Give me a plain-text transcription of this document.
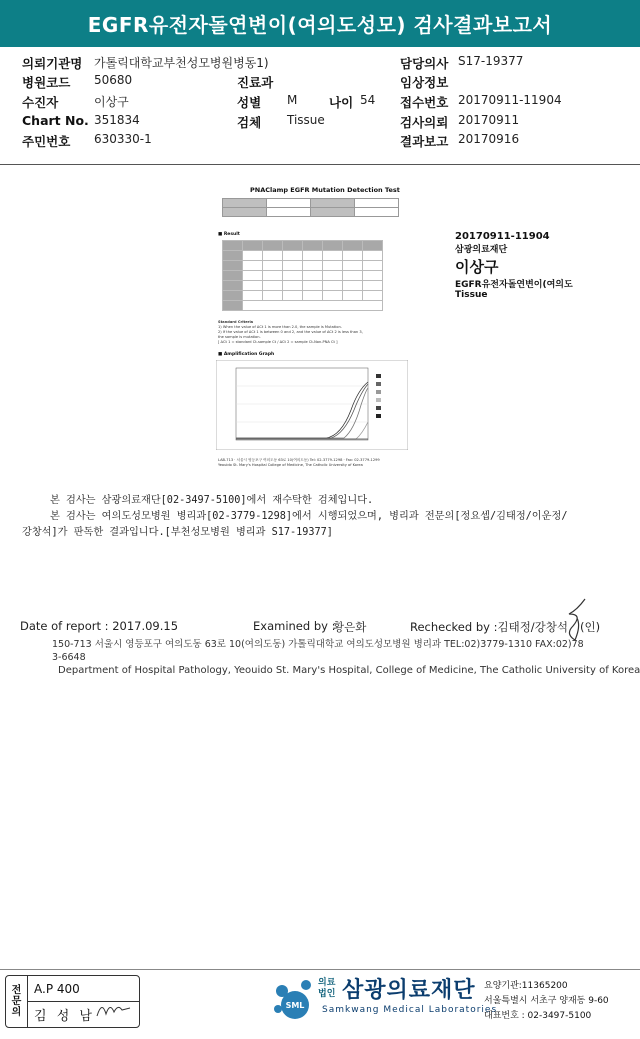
EGFR유전자돌연변이(여의도성모) 검사결과보고서
의뢰기관명 가톨릭대학교부천성모병원병동1)	담당의사 S17-19377
병원코드 50680	진료과	임상정보
수진자	이상구	성별 M	나이 54 접수번호 20170911-11904
Chart No. 351834	검체 Tissue	검사의뢰 20170911
주민번호 630330-1	결과보고 20170916
PNAClamp EGFR Mutation Detection Test

■ Result

Standard Criteria
1) When the value of ΔCt 1 is more than 2.0, the sample is Mutation.
2) If the value of ΔCt 1 is between 0 and 2, and the value of ΔCt 2 is less than 3,
the sample is mutation.
[ ΔCt 1 = standard Ct-sample Ct / ΔCt 2 = sample Ct-Non-PNA Ct ]
■ Amplification Graph
LAB-713 · 서울시 영등포구 여의도동 63로 10(여의도동) Tel: 02-3779-1298 · Fax: 02-3779-1299
Yeouido St. Mary's Hospital College of Medicine, The Catholic University of Korea
20170911-11904
삼광의료재단
이상구
EGFR유전자돌연변이(여의도
Tissue
본 검사는 삼광의료재단[02-3497-5100]에서 재수탁한 검체입니다.
본 검사는 여의도성모병원 병리과[02-3779-1298]에서 시행되었으며, 병리과 전문의[정요셉/김태정/이운정/
강창석]가 판독한 결과입니다.[부천성모병원 병리과 S17-19377]
Date of report : 2017.09.15	Examined by :
황은화	Rechecked by :김태정/강창석 (인)
150-713 서울시 영등포구 여의도동 63로 10(여의도동) 가톨릭대학교 여의도성모병원 병리과 TEL:02)3779-1310 FAX:02)78 3-6648
Department of Hospital Pathology, Yeouido St. Mary's Hospital, College of Medicine, The Catholic University of Korea
전
문
의
A.P 400
김 성 남
SML
의료
법인 삼광의료재단
Samkwang Medical Laboratories
요양기관:11365200
서울특별시 서초구 양재동 9-60
대표번호 : 02-3497-5100
